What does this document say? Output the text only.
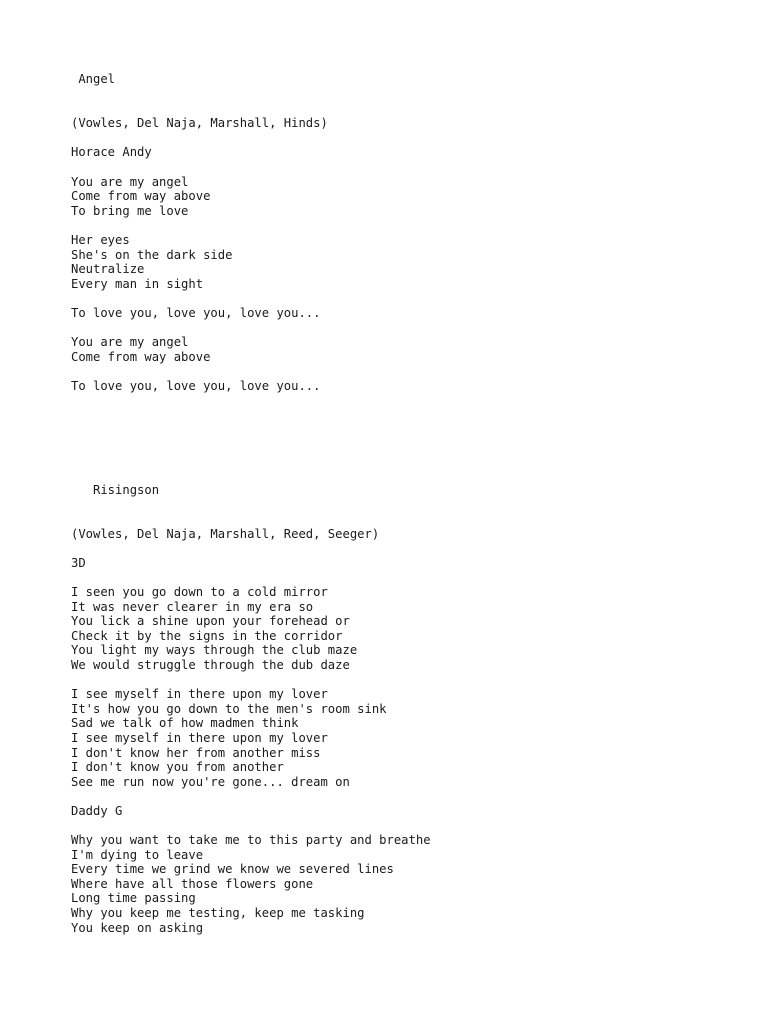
Angel
(Vowles, Del Naja, Marshall, Hinds)
Horace Andy
You are my angel
Come from way above
To bring me love
Her eyes
She's on the dark side
Neutralize
Every man in sight
To love you, love you, love you...
You are my angel
Come from way above
To love you, love you, love you...
Risingson
(Vowles, Del Naja, Marshall, Reed, Seeger)
3D
I seen you go down to a cold mirror
It was never clearer in my era so
You lick a shine upon your forehead or
Check it by the signs in the corridor
You light my ways through the club maze
We would struggle through the dub daze
I see myself in there upon my lover
It's how you go down to the men's room sink
Sad we talk of how madmen think
I see myself in there upon my lover
I don't know her from another miss
I don't know you from another
See me run now you're gone... dream on
Daddy G
Why you want to take me to this party and breathe
I'm dying to leave
Every time we grind we know we severed lines
Where have all those flowers gone
Long time passing
Why you keep me testing, keep me tasking
You keep on asking
